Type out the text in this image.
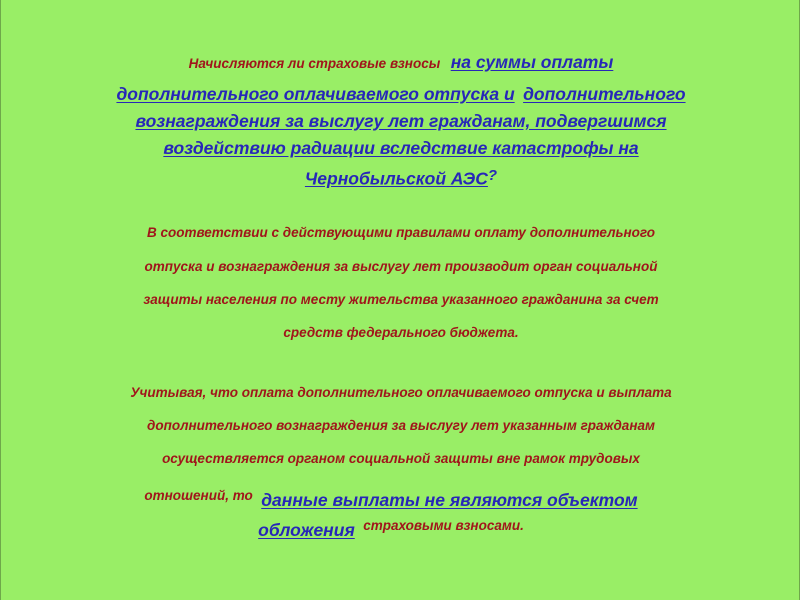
Начисляются ли страховые взносы на суммы оплаты
дополнительного оплачиваемого отпуска и дополнительного
вознаграждения за выслугу лет гражданам, подвергшимся
воздействию радиации вследствие катастрофы на
Чернобыльской АЭС?
В соответствии с действующими правилами оплату дополнительного
отпуска и вознаграждения за выслугу лет производит орган социальной
защиты населения по месту жительства указанного гражданина за счет
средств федерального бюджета.
Учитывая, что оплата дополнительного оплачиваемого отпуска и выплата
дополнительного вознаграждения за выслугу лет указанным гражданам
осуществляется органом социальной защиты вне рамок трудовых
отношений, то данные выплаты не являются объектом
обложения страховыми взносами.
